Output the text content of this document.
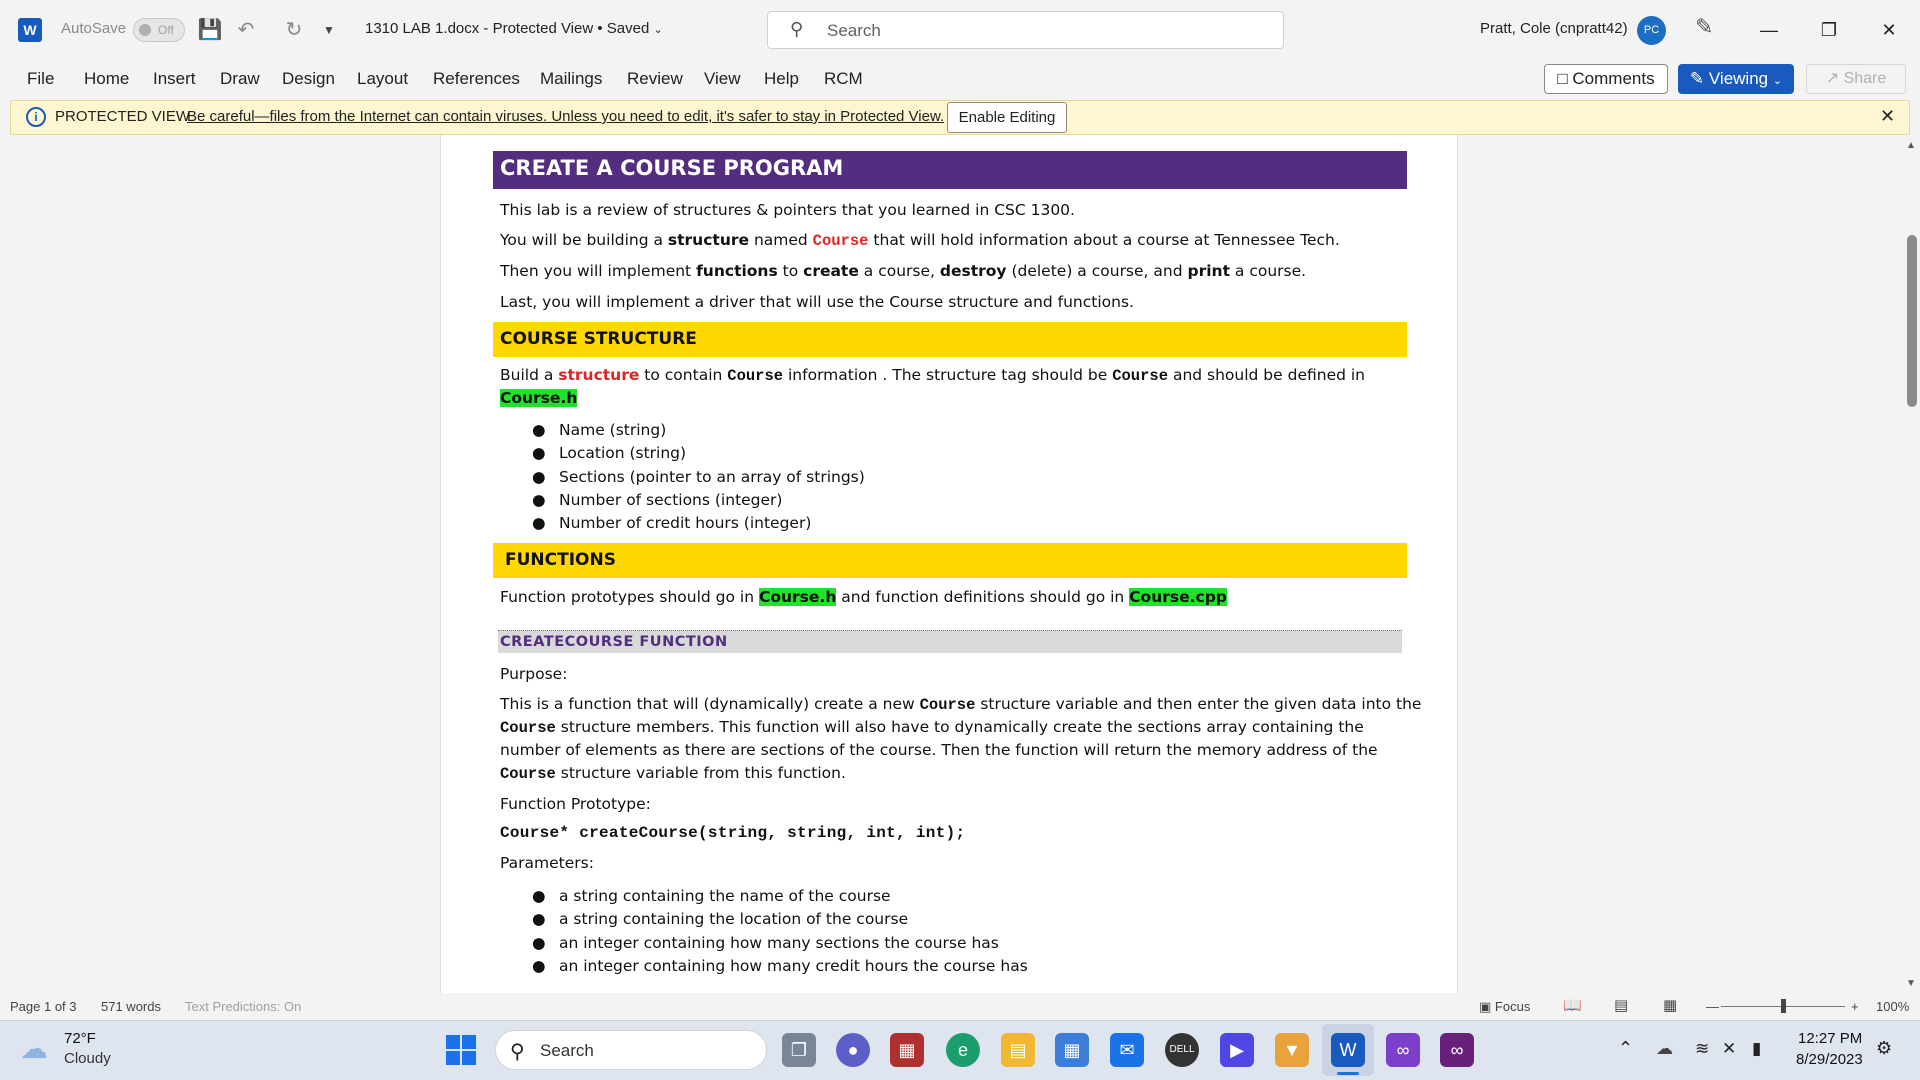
W	AutoSave	Off 💾 ↶ ↻	▼	1310 LAB 1.docx - Protected View • Saved ⌄	⚲ Search	Pratt, Cole (cnpratt42)	PC	✎	—	❐	✕
File Home Insert Draw Design Layout References Mailings Review View Help RCM	□ Comments	✎ Viewing ⌄	↗ Share
i	PROTECTED VIEW
Be careful—files from the Internet can contain viruses. Unless you need to edit, it's safer to stay in Protected View. Enable Editing	✕
CREATE A COURSE PROGRAM
This lab is a review of structures & pointers that you learned in CSC 1300.
You will be building a structure named Course that will hold information about a course at Tennessee Tech.
Then you will implement functions to create a course, destroy (delete) a course, and print a course.
Last, you will implement a driver that will use the Course structure and functions.
COURSE STRUCTURE
Build a structure to contain Course information . The structure tag should be Course and should be defined in
Course.h
● Name (string)
● Location (string)
● Sections (pointer to an array of strings)
● Number of sections (integer)
● Number of credit hours (integer)
FUNCTIONS
Function prototypes should go in Course.h and function definitions should go in Course.cpp
CREATECOURSE FUNCTION
Purpose:
This is a function that will (dynamically) create a new Course structure variable and then enter the given data into the
Course structure members. This function will also have to dynamically create the sections array containing the
number of elements as there are sections of the course. Then the function will return the memory address of the
Course structure variable from this function.
Function Prototype:
Course* createCourse(string, string, int, int);
Parameters:
● a string containing the name of the course
● a string containing the location of the course
● an integer containing how many sections the course has
● an integer containing how many credit hours the course has
▲
▼
Page 1 of 3 571 words Text Predictions: On	▣ Focus 📖 ▤ ▦ —	+ 100%
☁ 72°F
Cloudy	⚲ Search	❐	●	▦	e	▤	▦	✉	DELL	▶	▼	W	∞	∞	⌃ ☁ ≋ ✕ ▮
12:27 PM
8/29/2023
⚙
